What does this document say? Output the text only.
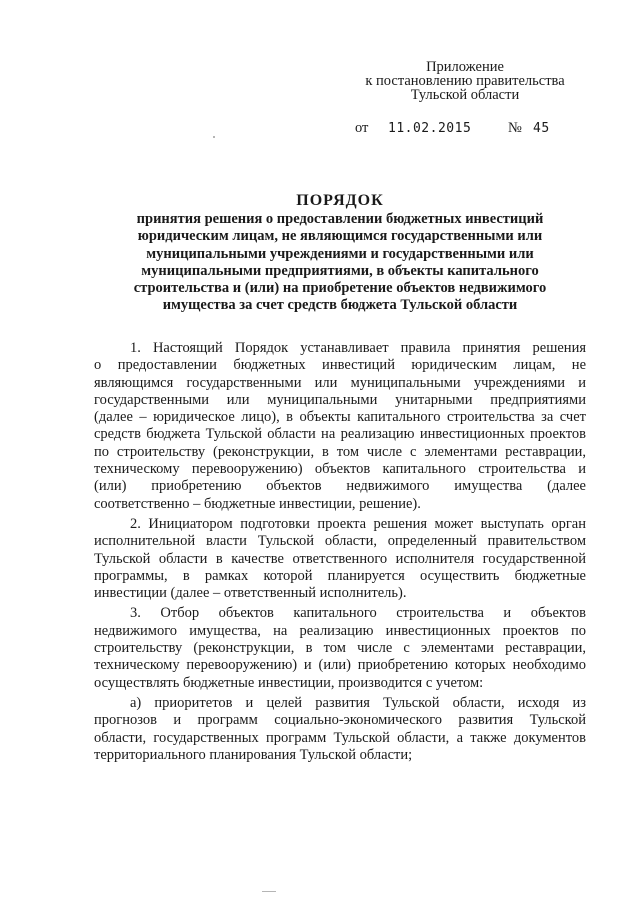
Приложение
к постановлению правительства
Тульской области
от 11.02.2015	№ 45
ПОРЯДОК
принятия решения о предоставлении бюджетных инвестиций
юридическим лицам, не являющимся государственными или
муниципальными учреждениями и государственными или
муниципальными предприятиями, в объекты капитального
строительства и (или) на приобретение объектов недвижимого
имущества за счет средств бюджета Тульской области
1. Настоящий Порядок устанавливает правила принятия решения
о предоставлении бюджетных инвестиций юридическим лицам, не
являющимся государственными или муниципальными учреждениями и
государственными или муниципальными унитарными предприятиями
(далее – юридическое лицо), в объекты капитального строительства за счет
средств бюджета Тульской области на реализацию инвестиционных проектов
по строительству (реконструкции, в том числе с элементами реставрации,
техническому перевооружению) объектов капитального строительства и
(или) приобретению объектов недвижимого имущества (далее
соответственно – бюджетные инвестиции, решение).
2. Инициатором подготовки проекта решения может выступать орган
исполнительной власти Тульской области, определенный правительством
Тульской области в качестве ответственного исполнителя государственной
программы, в рамках которой планируется осуществить бюджетные
инвестиции (далее – ответственный исполнитель).
3. Отбор объектов капитального строительства и объектов
недвижимого имущества, на реализацию инвестиционных проектов по
строительству (реконструкции, в том числе с элементами реставрации,
техническому перевооружению) и (или) приобретению которых необходимо
осуществлять бюджетные инвестиции, производится с учетом:
а) приоритетов и целей развития Тульской области, исходя из
прогнозов и программ социально-экономического развития Тульской
области, государственных программ Тульской области, а также документов
территориального планирования Тульской области;
